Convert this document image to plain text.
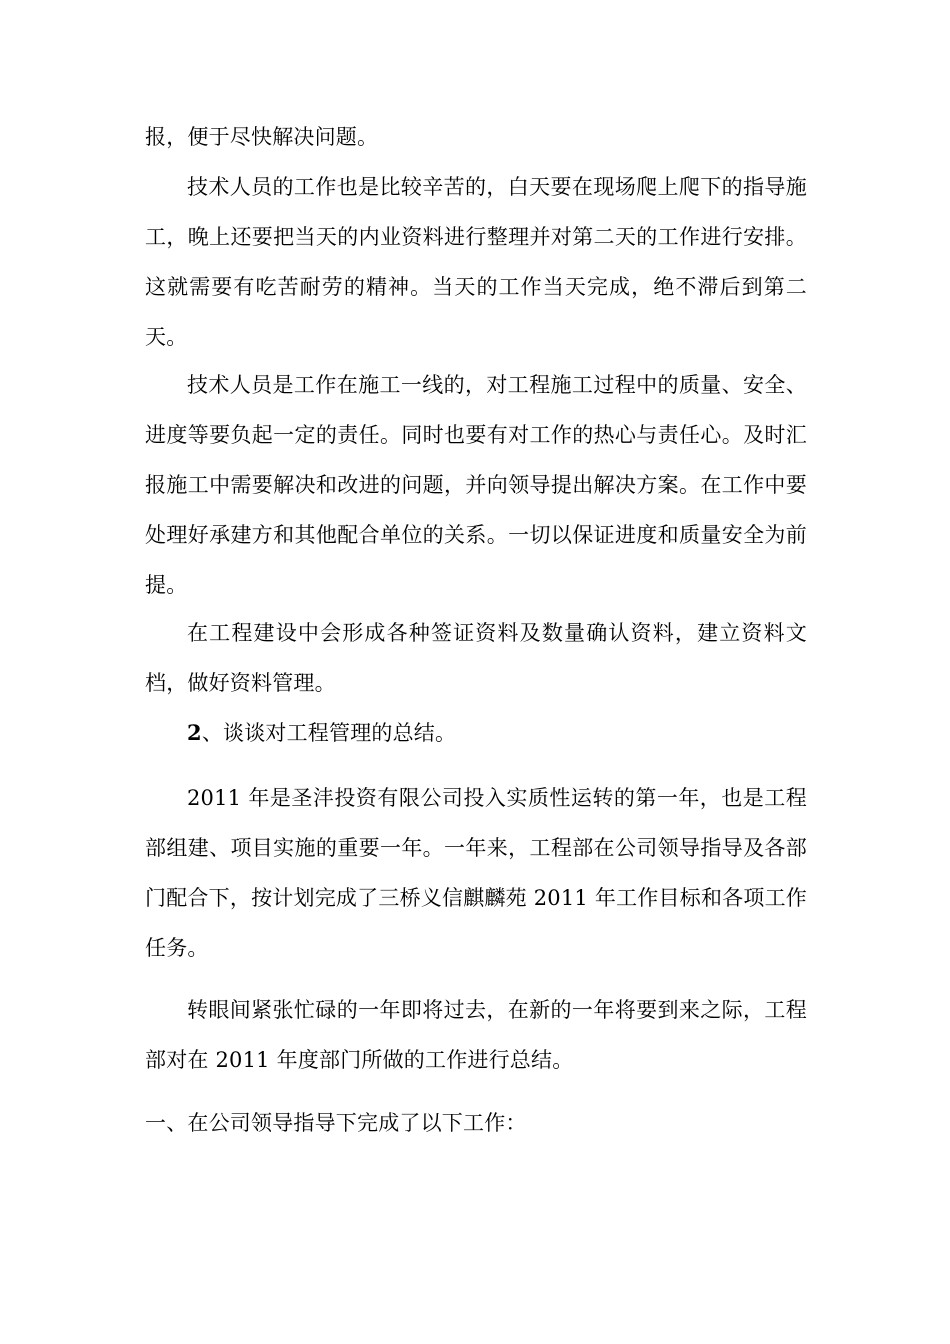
报，便于尽快解决问题。

技术人员的工作也是比较辛苦的，白天要在现场爬上爬下的指导施工，晚上还要把当天的内业资料进行整理并对第二天的工作进行安排。这就需要有吃苦耐劳的精神。当天的工作当天完成，绝不滞后到第二天。

技术人员是工作在施工一线的，对工程施工过程中的质量、安全、进度等要负起一定的责任。同时也要有对工作的热心与责任心。及时汇报施工中需要解决和改进的问题，并向领导提出解决方案。在工作中要处理好承建方和其他配合单位的关系。一切以保证进度和质量安全为前提。

在工程建设中会形成各种签证资料及数量确认资料，建立资料文档，做好资料管理。

2、谈谈对工程管理的总结。

2011 年是圣沣投资有限公司投入实质性运转的第一年，也是工程部组建、项目实施的重要一年。一年来，工程部在公司领导指导及各部门配合下，按计划完成了三桥义信麒麟苑 2011 年工作目标和各项工作任务。

转眼间紧张忙碌的一年即将过去，在新的一年将要到来之际，工程部对在 2011 年度部门所做的工作进行总结。

一、在公司领导指导下完成了以下工作：
